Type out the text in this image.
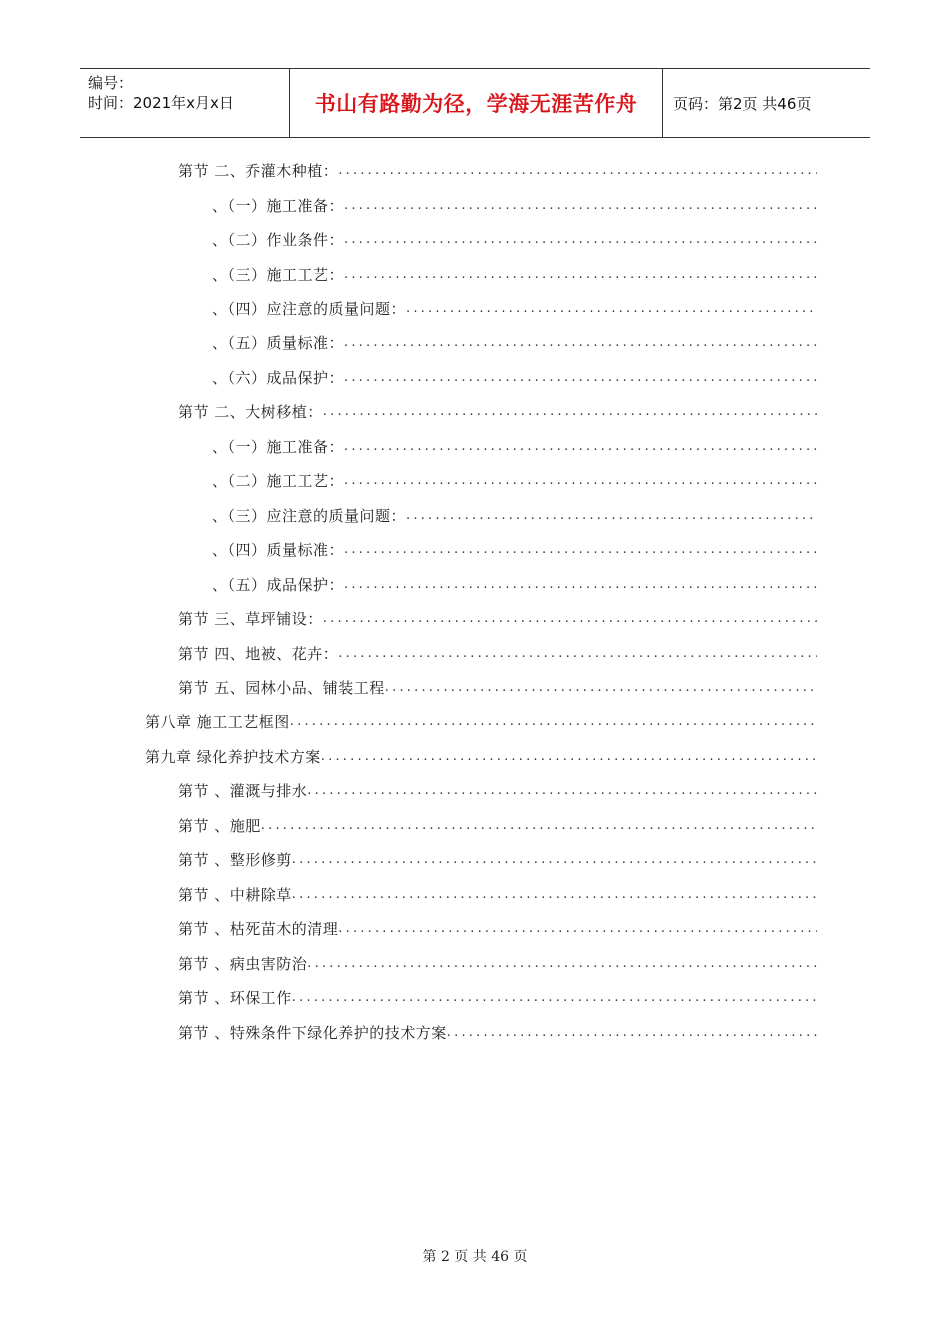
编号：
时间：2021年x月x日	书山有路勤为径，学海无涯苦作舟	页码：第2页 共46页
第节 二、乔灌木种植：
.....
、（一）施工准备：
.....
、（二）作业条件：
.....
、（三）施工工艺：
.....
、（四）应注意的质量问题：
.....
、（五）质量标准：
.....
、（六）成品保护：
.....
第节 二、大树移植：
.....
、（一）施工准备：
.....
、（二）施工工艺：
.....
、（三）应注意的质量问题：
.....
、（四）质量标准：
.....
、（五）成品保护：
.....
第节 三、草坪铺设：
.....
第节 四、地被、花卉：
.....
第节 五、园林小品、铺装工程
.....
第八章 施工工艺框图
.....
第九章 绿化养护技术方案
.....
第节 、灌溉与排水
.....
第节 、施肥
.....
第节 、整形修剪
.....
第节 、中耕除草
.....
第节 、枯死苗木的清理
.....
第节 、病虫害防治
.....
第节 、环保工作
.....
第节 、特殊条件下绿化养护的技术方案
.....
第 2 页 共 46 页
